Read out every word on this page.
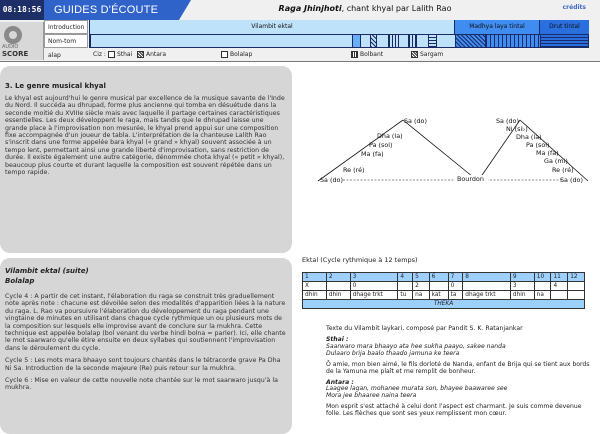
08:18:56	GUIDES D'ÉCOUTE	Raga Jhinjhoti, chant khyal par Lalith Rao	crédits
AUDIO SCORE
Introduction
Nom-tom alap
Vilambit ektal	Madhya laya tintal	Drut tintal
Ciz : Sthai Antara	Bolalap	Bolbant	Sargam
3. Le genre musical khyal
Le khyal est aujourd'hui le genre musical par excellence de la musique savante de l'Inde du Nord. Il succéda au dhrupad, forme plus ancienne qui tomba en désuétude dans la seconde moitié du XVIIIe siècle mais avec laquelle il partage certaines caractéristiques essentielles. Les deux développent le raga, mais tandis que le dhrupad laisse une grande place à l'improvisation non mesurée, le khyal prend appui sur une composition fixe accompagnée d'un joueur de tabla. L'interprétation de la chanteuse Lalith Rao s'inscrit dans une forme appelée bara khyal (« grand » khyal) souvent associée à un tempo lent, permettant ainsi une grande liberté d'improvisation, sans restriction de durée. Il existe également une autre catégorie, dénommée chota khyal (« petit » khyal), beaucoup plus courte et durant laquelle la composition est souvent répétée dans un tempo rapide.
Vilambit ektal (suite)
Bolalap

Cycle 4 : A partir de cet instant, l'élaboration du raga se construit très graduellement note après note : chacune est dévoilée selon des modalités d'apparition liées à la nature du raga. L. Rao va poursuivre l'élaboration du développement du raga pendant une vingtaine de minutes en utilisant dans chaque cycle rythmique un ou plusieurs mots de la composition sur lesquels elle improvise avant de conclure sur la mukhra. Cette technique est appelée bolalap (bol venant du verbe hindi bolna = parler). Ici, elle chante le mot saarwaro qu'elle étire ensuite en deux syllabes qui soutiennent l'improvisation dans le déroulement du cycle.

Cycle 5 : Les mots mara bhaayo sont toujours chantés dans le tétracorde grave Pa Dha Ni Sa. Introduction de la seconde majeure (Re) puis retour sur la mukhra.

Cycle 6 : Mise en valeur de cette nouvelle note chantée sur le mot saarwaro jusqu'à la mukhra.

Sa (do)
Dha (la)
Pa (sol)
Ma (fa)
Re (ré)
Sa (do)
Sa (do)
Ni (si♭)
Dha (la)
Pa (sol)
Ma (fa)
Ga (mi)
Re (ré)
Sa (do)
Bourdon
Ektal (Cycle rythmique à 12 temps)
1	2	3	4	5	6	7	8	9	10	11	12
X		0		2		0		3		4	
dhin	dhin	dhage trkt	tu	na	kat	ta	dhage trkt	dhin	na		
THEKA											
Texte du Vilambit laykari, composé par Pandit S. K. Ratanjankar
Sthai :
Saarwaro mara bhaayo ata hee sukha paayo, sakee nanda
Dulaaro brija baalo thaado jamuna ke teera
Ô amie, mon bien aimé, le fils dorloté de Nanda, enfant de Brija qui se tient aux bords de la Yamuna me plaît et me remplit de bonheur.
Antara :
Laagee lagan, mohanee murata son, bhayee baawaree see
Mora jee bhaaree naina teera
Mon esprit s'est attaché à celui dont l'aspect est charmant. Je suis comme devenue folle. Les flèches que sont ses yeux remplissent mon cœur.
